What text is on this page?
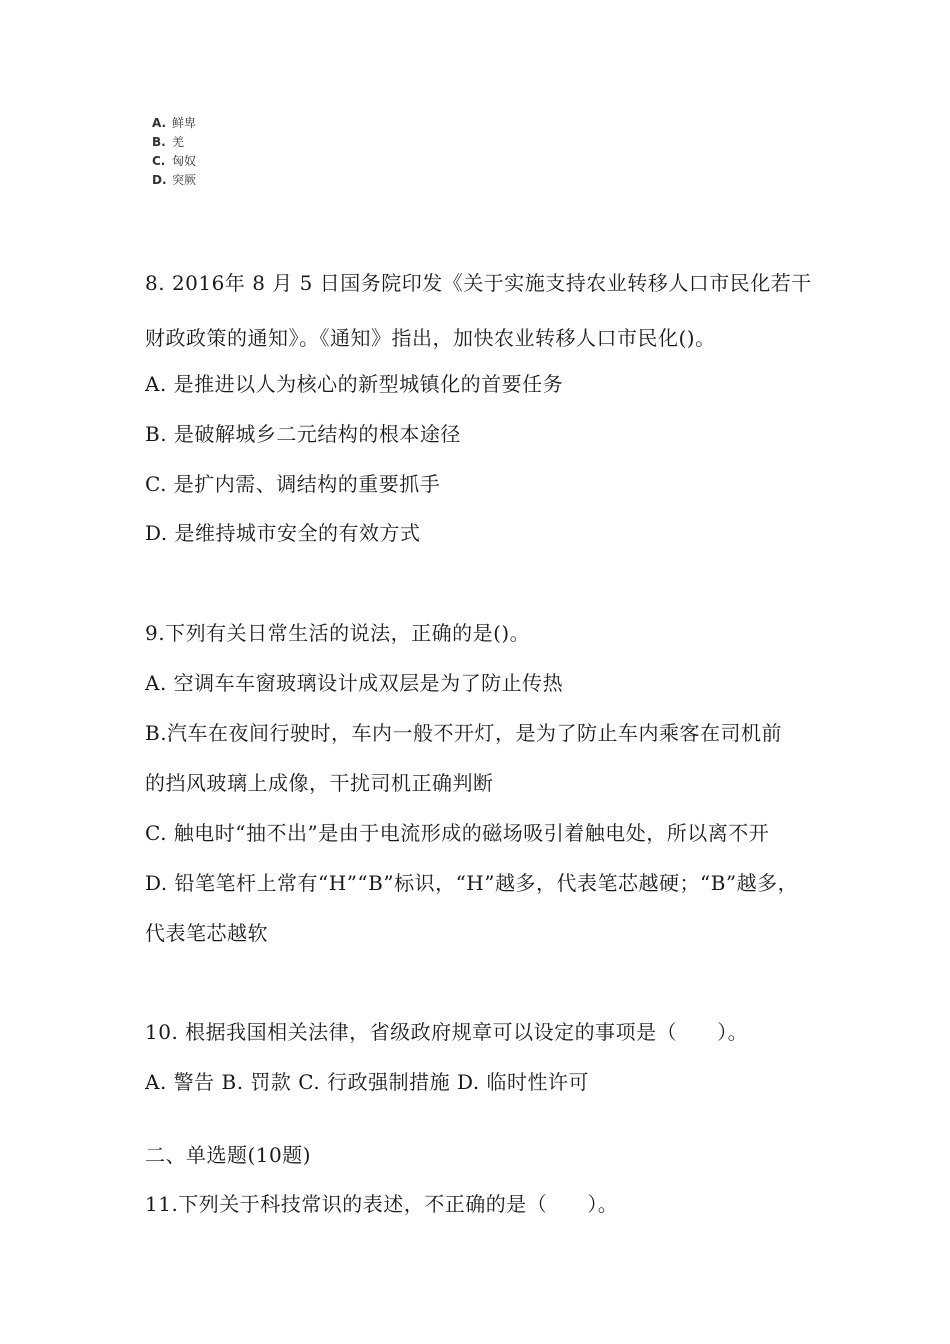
A. 鲜卑
B. 羌
C. 匈奴
D. 突厥
8. 2016年 8 月 5 日国务院印发《关于实施支持农业转移人口市民化若干
财政政策的通知》。《通知》指出，加快农业转移人口市民化()。
A. 是推进以人为核心的新型城镇化的首要任务
B. 是破解城乡二元结构的根本途径
C. 是扩内需、调结构的重要抓手
D. 是维持城市安全的有效方式
9.下列有关日常生活的说法，正确的是()。
A. 空调车车窗玻璃设计成双层是为了防止传热
B.汽车在夜间行驶时，车内一般不开灯，是为了防止车内乘客在司机前
的挡风玻璃上成像，干扰司机正确判断
C. 触电时“抽不出”是由于电流形成的磁场吸引着触电处，所以离不开
D. 铅笔笔杆上常有“H”“B”标识，“H”越多，代表笔芯越硬；“B”越多，
代表笔芯越软
10. 根据我国相关法律，省级政府规章可以设定的事项是（ ）。
A. 警告 B. 罚款 C. 行政强制措施 D. 临时性许可
二、单选题(10题)
11.下列关于科技常识的表述，不正确的是（ ）。
